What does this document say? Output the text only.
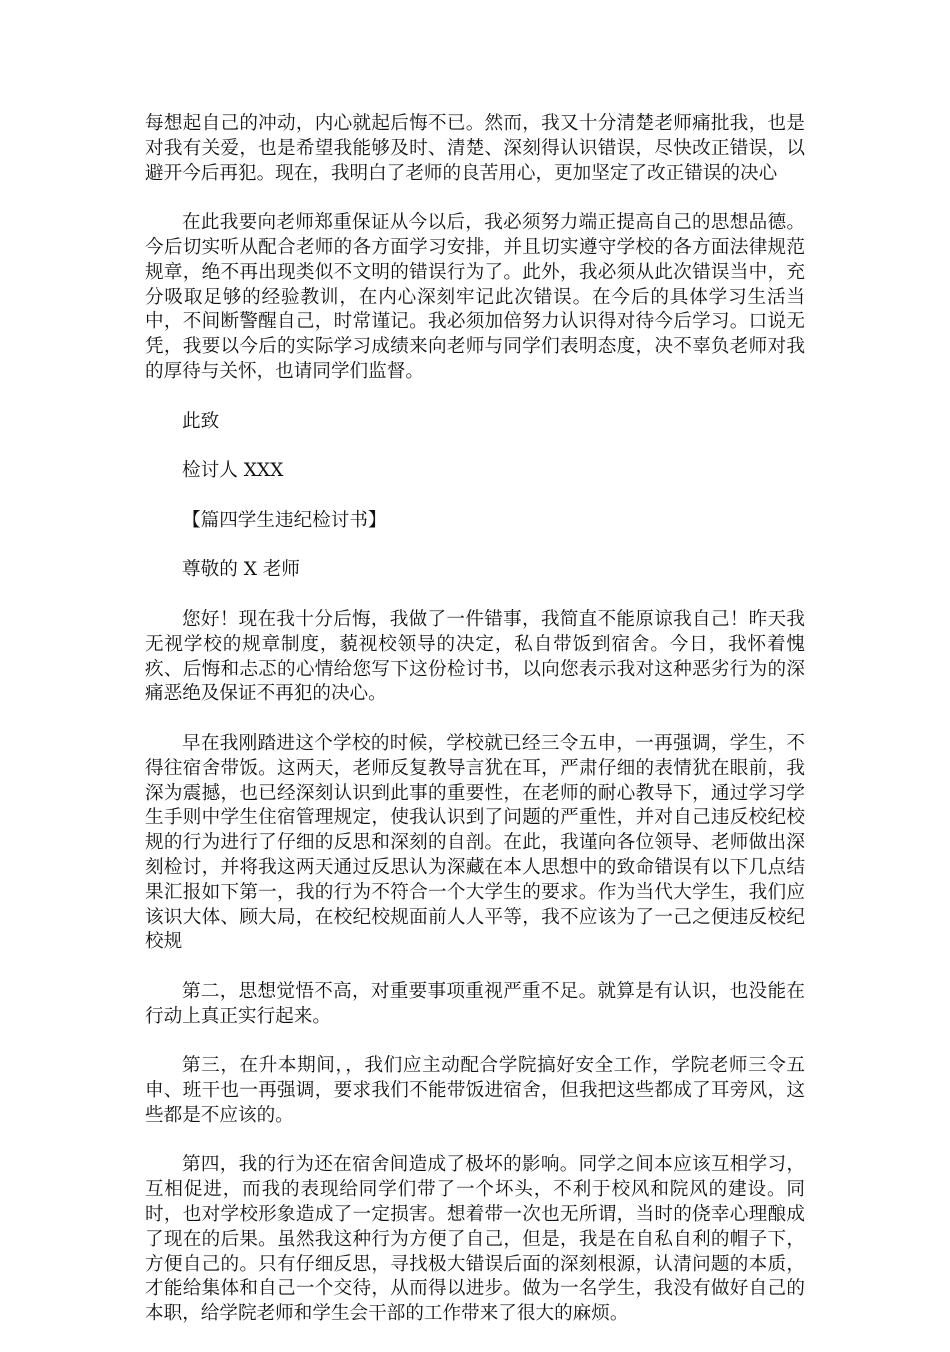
每想起自己的冲动，内心就起后悔不已。然而，我又十分清楚老师痛批我，也是对我有关爱，也是希望我能够及时、清楚、深刻得认识错误，尽快改正错误，以避开今后再犯。现在，我明白了老师的良苦用心，更加坚定了改正错误的决心

在此我要向老师郑重保证从今以后，我必须努力端正提高自己的思想品德。今后切实听从配合老师的各方面学习安排，并且切实遵守学校的各方面法律规范规章，绝不再出现类似不文明的错误行为了。此外，我必须从此次错误当中，充分吸取足够的经验教训，在内心深刻牢记此次错误。在今后的具体学习生活当中，不间断警醒自己，时常谨记。我必须加倍努力认识得对待今后学习。口说无凭，我要以今后的实际学习成绩来向老师与同学们表明态度，决不辜负老师对我的厚待与关怀，也请同学们监督。

此致

检讨人 XXX

【篇四学生违纪检讨书】

尊敬的 X 老师

您好！现在我十分后悔，我做了一件错事，我简直不能原谅我自己！昨天我无视学校的规章制度，藐视校领导的决定，私自带饭到宿舍。今日，我怀着愧疚、后悔和忐忑的心情给您写下这份检讨书，以向您表示我对这种恶劣行为的深痛恶绝及保证不再犯的决心。

早在我刚踏进这个学校的时候，学校就已经三令五申，一再强调，学生，不得往宿舍带饭。这两天，老师反复教导言犹在耳，严肃仔细的表情犹在眼前，我深为震撼，也已经深刻认识到此事的重要性，在老师的耐心教导下，通过学习学生手则中学生住宿管理规定，使我认识到了问题的严重性，并对自己违反校纪校规的行为进行了仔细的反思和深刻的自剖。在此，我谨向各位领导、老师做出深刻检讨，并将我这两天通过反思认为深藏在本人思想中的致命错误有以下几点结果汇报如下第一，我的行为不符合一个大学生的要求。作为当代大学生，我们应该识大体、顾大局，在校纪校规面前人人平等，我不应该为了一己之便违反校纪校规

第二，思想觉悟不高，对重要事项重视严重不足。就算是有认识，也没能在行动上真正实行起来。

第三，在升本期间，，我们应主动配合学院搞好安全工作，学院老师三令五申、班干也一再强调，要求我们不能带饭进宿舍，但我把这些都成了耳旁风，这些都是不应该的。

第四，我的行为还在宿舍间造成了极坏的影响。同学之间本应该互相学习，互相促进，而我的表现给同学们带了一个坏头，不利于校风和院风的建设。同时，也对学校形象造成了一定损害。想着带一次也无所谓，当时的侥幸心理酿成了现在的后果。虽然我这种行为方便了自己，但是，我是在自私自利的帽子下，方便自己的。只有仔细反思，寻找极大错误后面的深刻根源，认清问题的本质，才能给集体和自己一个交待，从而得以进步。做为一名学生，我没有做好自己的本职，给学院老师和学生会干部的工作带来了很大的麻烦。
